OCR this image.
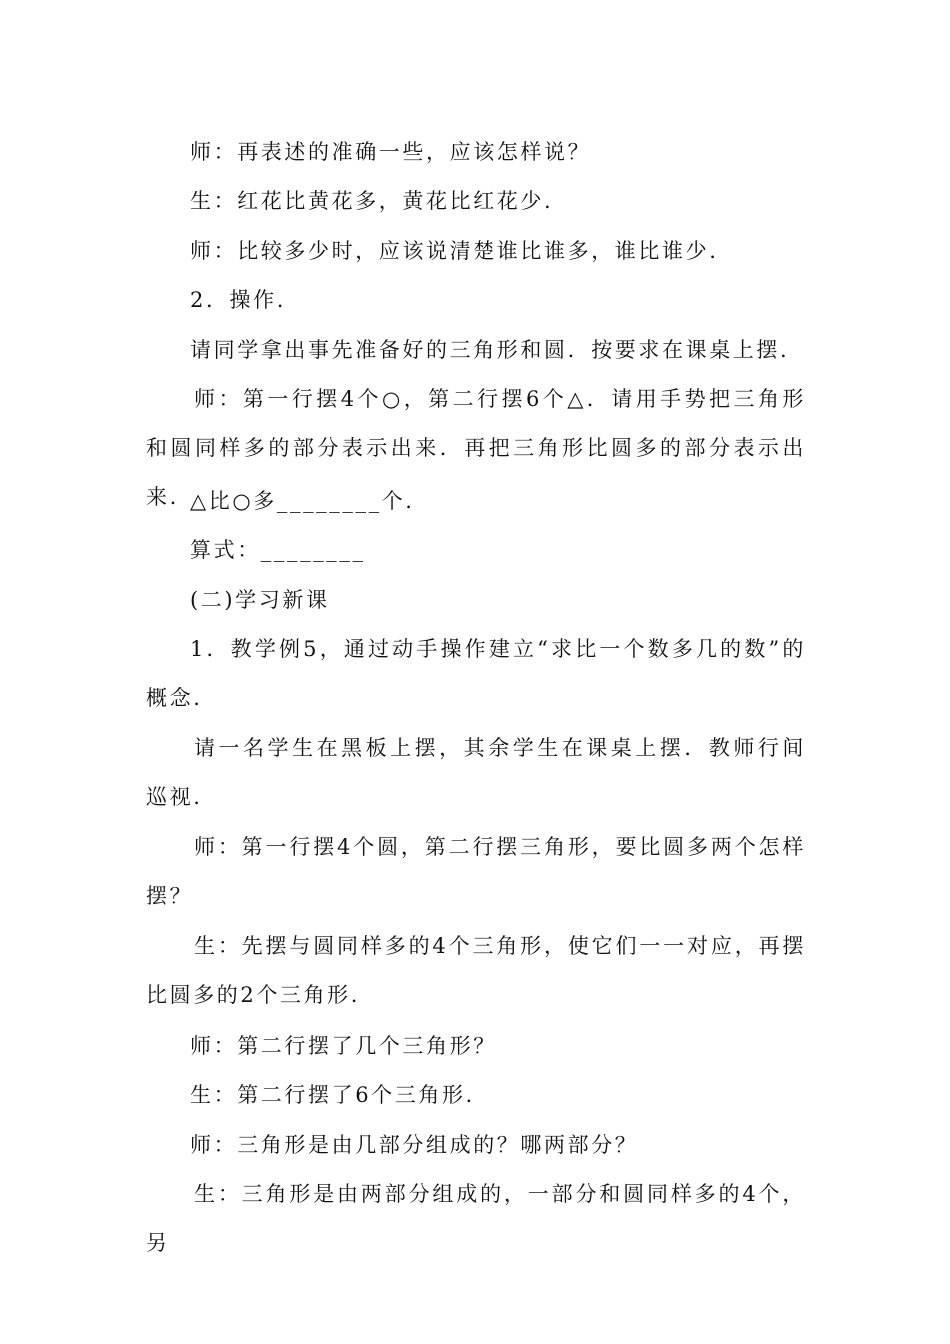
师：再表述的准确一些，应该怎样说？

生：红花比黄花多，黄花比红花少.

师：比较多少时，应该说清楚谁比谁多，谁比谁少.

2．操作.

请同学拿出事先准备好的三角形和圆．按要求在课桌上摆.

师：第一行摆4个○，第二行摆6个△．请用手势把三角形和圆同样多的部分表示出来．再把三角形比圆多的部分表示出来. △比○多________个.

算式：________

(二)学习新课

1．教学例5，通过动手操作建立“求比一个数多几的数”的概念.

请一名学生在黑板上摆，其余学生在课桌上摆．教师行间巡视.

师：第一行摆4个圆，第二行摆三角形，要比圆多两个怎样摆？

生：先摆与圆同样多的4个三角形，使它们一一对应，再摆比圆多的2个三角形.

师：第二行摆了几个三角形？

生：第二行摆了6个三角形.

师：三角形是由几部分组成的？哪两部分？

生：三角形是由两部分组成的，一部分和圆同样多的4个，另
